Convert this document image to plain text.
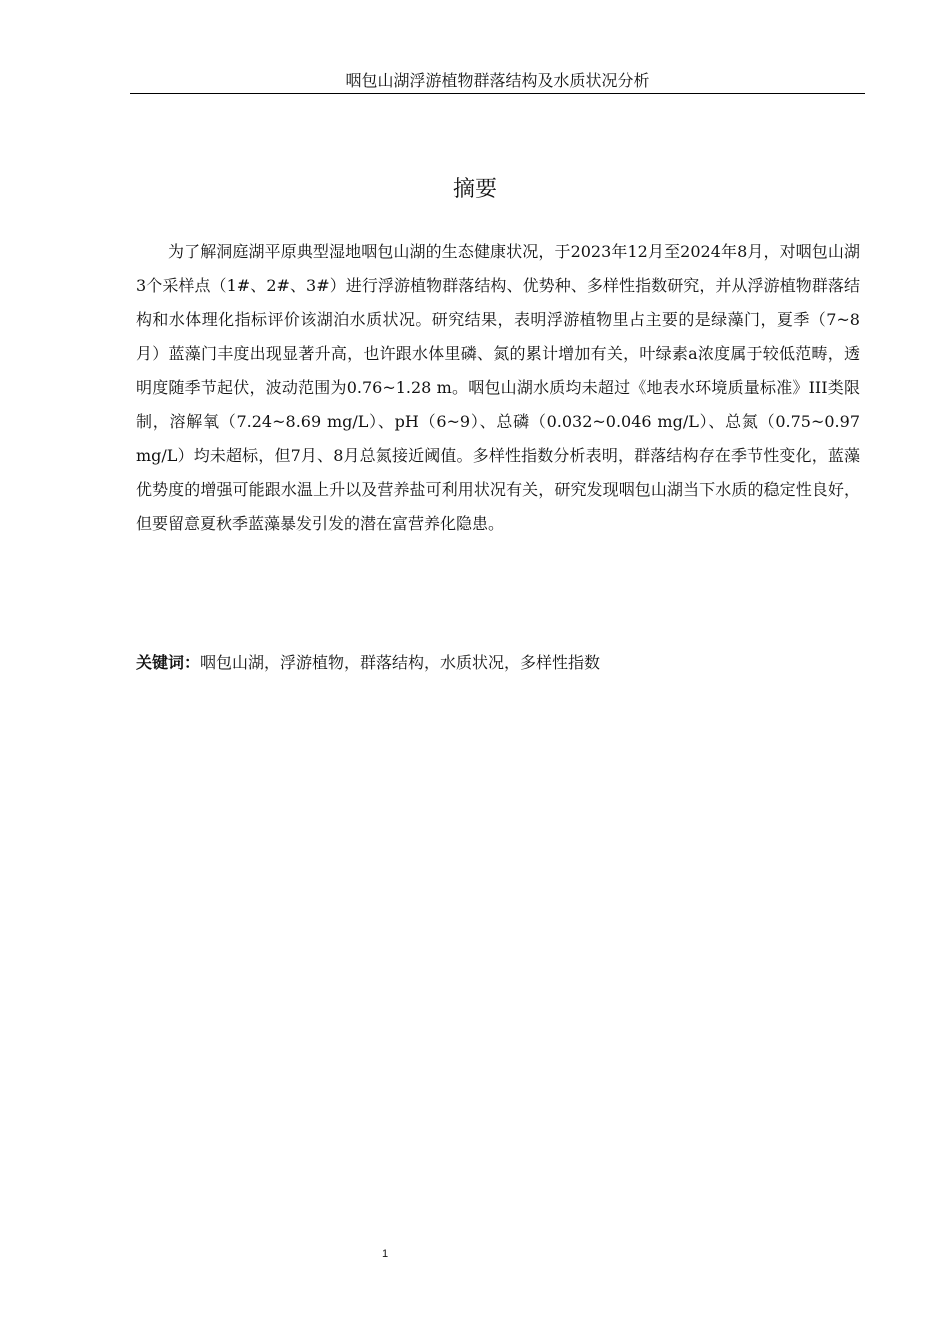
咽包山湖浮游植物群落结构及水质状况分析
摘要

为了解洞庭湖平原典型湿地咽包山湖的生态健康状况，于2023年12月至2024年8月，对咽包山湖3个采样点（1#、2#、3#）进行浮游植物群落结构、优势种、多样性指数研究，并从浮游植物群落结构和水体理化指标评价该湖泊水质状况。研究结果，表明浮游植物里占主要的是绿藻门，夏季（7~8月）蓝藻门丰度出现显著升高，也许跟水体里磷、氮的累计增加有关，叶绿素a浓度属于较低范畴，透明度随季节起伏，波动范围为0.76~1.28 m。咽包山湖水质均未超过《地表水环境质量标准》III类限制，溶解氧（7.24~8.69 mg/L）、pH（6~9）、总磷（0.032~0.046 mg/L）、总氮（0.75~0.97 mg/L）均未超标，但7月、8月总氮接近阈值。多样性指数分析表明，群落结构存在季节性变化，蓝藻优势度的增强可能跟水温上升以及营养盐可利用状况有关，研究发现咽包山湖当下水质的稳定性良好，但要留意夏秋季蓝藻暴发引发的潜在富营养化隐患。

关键词：咽包山湖，浮游植物，群落结构，水质状况，多样性指数

1
